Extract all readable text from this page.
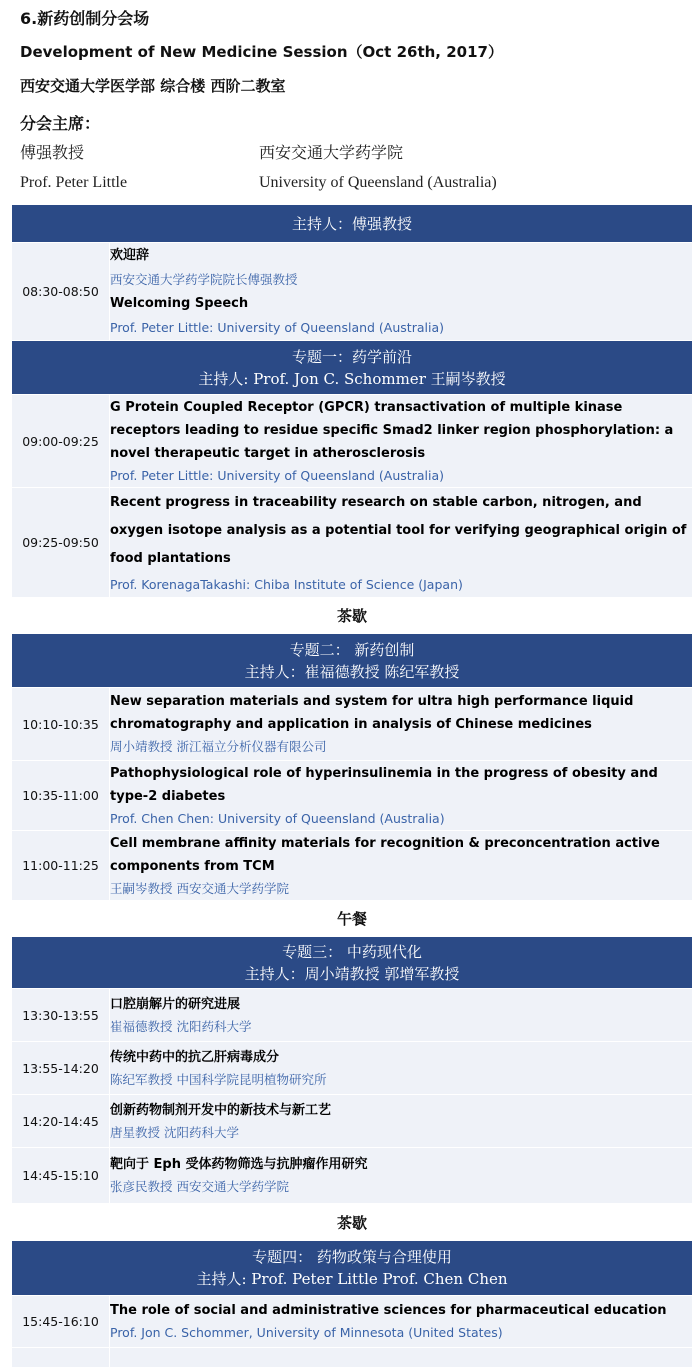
6.新药创制分会场
Development of New Medicine Session（Oct 26th, 2017）
西安交通大学医学部 综合楼 西阶二教室
分会主席：
傅强教授	西安交通大学药学院
Prof. Peter Little	University of Queensland (Australia)
主持人：傅强教授	

08:30-08:50	欢迎辞
西安交通大学药学院院长傅强教授
Welcoming Speech
Prof. Peter Little: University of Queensland (Australia)

专题一：药学前沿
主持人: Prof. Jon C. Schommer 王嗣岑教授	

09:00-09:25	G Protein Coupled Receptor (GPCR) transactivation of multiple kinase receptors leading to residue specific Smad2 linker region phosphorylation: a novel therapeutic target in atherosclerosis
Prof. Peter Little: University of Queensland (Australia)

09:25-09:50	Recent progress in traceability research on stable carbon, nitrogen, and oxygen isotope analysis as a potential tool for verifying geographical origin of food plantations
Prof. KorenagaTakashi: Chiba Institute of Science (Japan)

茶歇	

专题二： 新药创制
主持人：崔福德教授 陈纪军教授	

10:10-10:35	New separation materials and system for ultra high performance liquid chromatography and application in analysis of Chinese medicines
周小靖教授 浙江福立分析仪器有限公司

10:35-11:00	Pathophysiological role of hyperinsulinemia in the progress of obesity and type-2 diabetes
Prof. Chen Chen: University of Queensland (Australia)

11:00-11:25	Cell membrane affinity materials for recognition & preconcentration active components from TCM
王嗣岑教授 西安交通大学药学院

午餐	

专题三： 中药现代化
主持人：周小靖教授 郭增军教授	

13:30-13:55	口腔崩解片的研究进展
崔福德教授 沈阳药科大学

13:55-14:20	传统中药中的抗乙肝病毒成分
陈纪军教授 中国科学院昆明植物研究所

14:20-14:45	创新药物制剂开发中的新技术与新工艺
唐星教授 沈阳药科大学

14:45-15:10	靶向于 Eph 受体药物筛选与抗肿瘤作用研究
张彦民教授 西安交通大学药学院

茶歇	

专题四： 药物政策与合理使用
主持人: Prof. Peter Little Prof. Chen Chen	

15:45-16:10	The role of social and administrative sciences for pharmaceutical education
Prof. Jon C. Schommer, University of Minnesota (United States)
